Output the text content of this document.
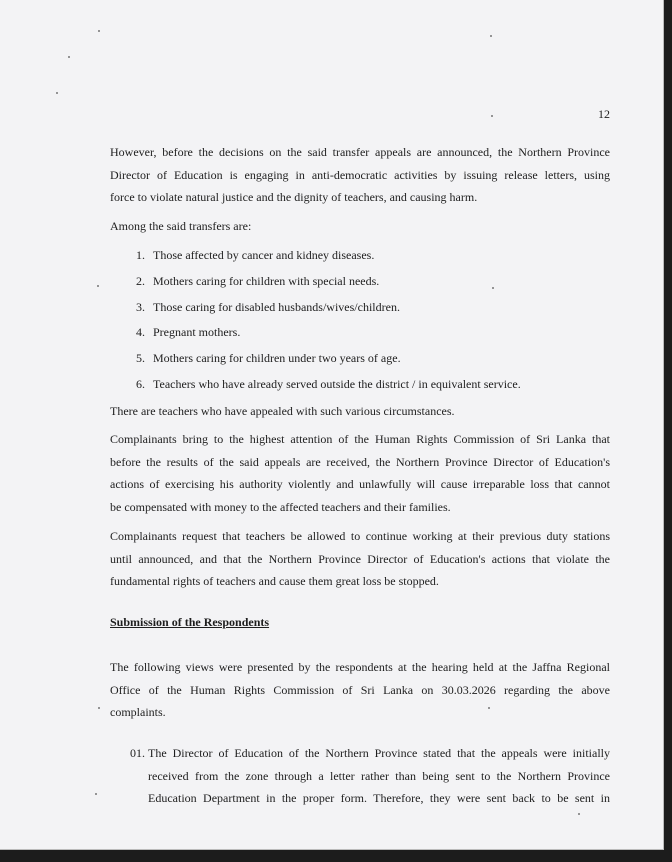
12

However, before the decisions on the said transfer appeals are announced, the Northern Province
Director of Education is engaging in anti-democratic activities by issuing release letters, using
force to violate natural justice and the dignity of teachers, and causing harm.

Among the said transfers are:

1. Those affected by cancer and kidney diseases.
2. Mothers caring for children with special needs.
3. Those caring for disabled husbands/wives/children.
4. Pregnant mothers.
5. Mothers caring for children under two years of age.
6. Teachers who have already served outside the district / in equivalent service.

There are teachers who have appealed with such various circumstances.

Complainants bring to the highest attention of the Human Rights Commission of Sri Lanka that
before the results of the said appeals are received, the Northern Province Director of Education's
actions of exercising his authority violently and unlawfully will cause irreparable loss that cannot
be compensated with money to the affected teachers and their families.

Complainants request that teachers be allowed to continue working at their previous duty stations
until announced, and that the Northern Province Director of Education's actions that violate the
fundamental rights of teachers and cause them great loss be stopped.

Submission of the Respondents

The following views were presented by the respondents at the hearing held at the Jaffna Regional
Office of the Human Rights Commission of Sri Lanka on 30.03.2026 regarding the above
complaints.

01. The Director of Education of the Northern Province stated that the appeals were initially
received from the zone through a letter rather than being sent to the Northern Province
Education Department in the proper form. Therefore, they were sent back to be sent in
